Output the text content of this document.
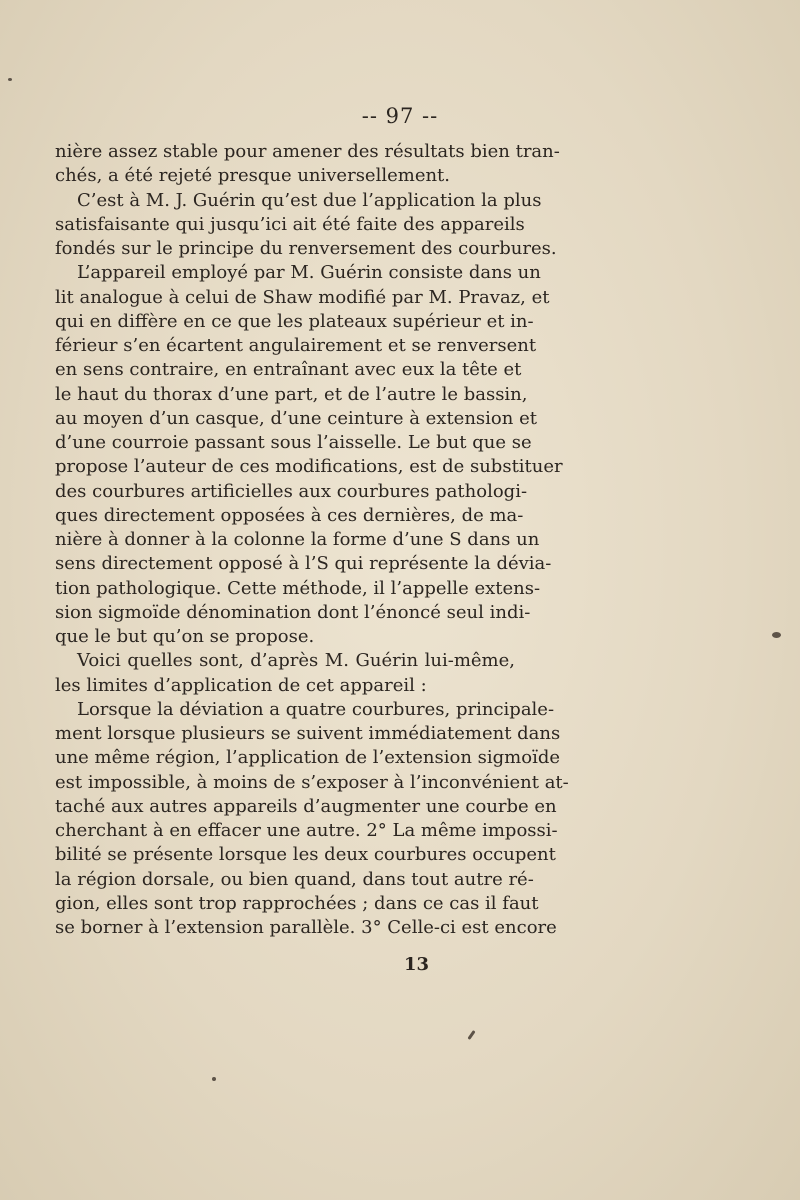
-- 97 --
nière assez stable pour amener des résultats bien tran-
chés, a été rejeté presque universellement.
C’est à M. J. Guérin qu’est due l’application la plus
satisfaisante qui jusqu’ici ait été faite des appareils
fondés sur le principe du renversement des courbures.
L’appareil employé par M. Guérin consiste dans un
lit analogue à celui de Shaw modifié par M. Pravaz, et
qui en diffère en ce que les plateaux supérieur et in-
férieur s’en écartent angulairement et se renversent
en sens contraire, en entraînant avec eux la tête et
le haut du thorax d’une part, et de l’autre le bassin,
au moyen d’un casque, d’une ceinture à extension et
d’une courroie passant sous l’aisselle. Le but que se
propose l’auteur de ces modifications, est de substituer
des courbures artificielles aux courbures pathologi-
ques directement opposées à ces dernières, de ma-
nière à donner à la colonne la forme d’une S dans un
sens directement opposé à l’S qui représente la dévia-
tion pathologique. Cette méthode, il l’appelle extens-
sion sigmoïde dénomination dont l’énoncé seul indi-
que le but qu’on se propose.
Voici quelles sont, d’après M. Guérin lui-même,
les limites d’application de cet appareil :
Lorsque la déviation a quatre courbures, principale-
ment lorsque plusieurs se suivent immédiatement dans
une même région, l’application de l’extension sigmoïde
est impossible, à moins de s’exposer à l’inconvénient at-
taché aux autres appareils d’augmenter une courbe en
cherchant à en effacer une autre. 2° La même impossi-
bilité se présente lorsque les deux courbures occupent
la région dorsale, ou bien quand, dans tout autre ré-
gion, elles sont trop rapprochées ; dans ce cas il faut
se borner à l’extension parallèle. 3° Celle-ci est encore
13
